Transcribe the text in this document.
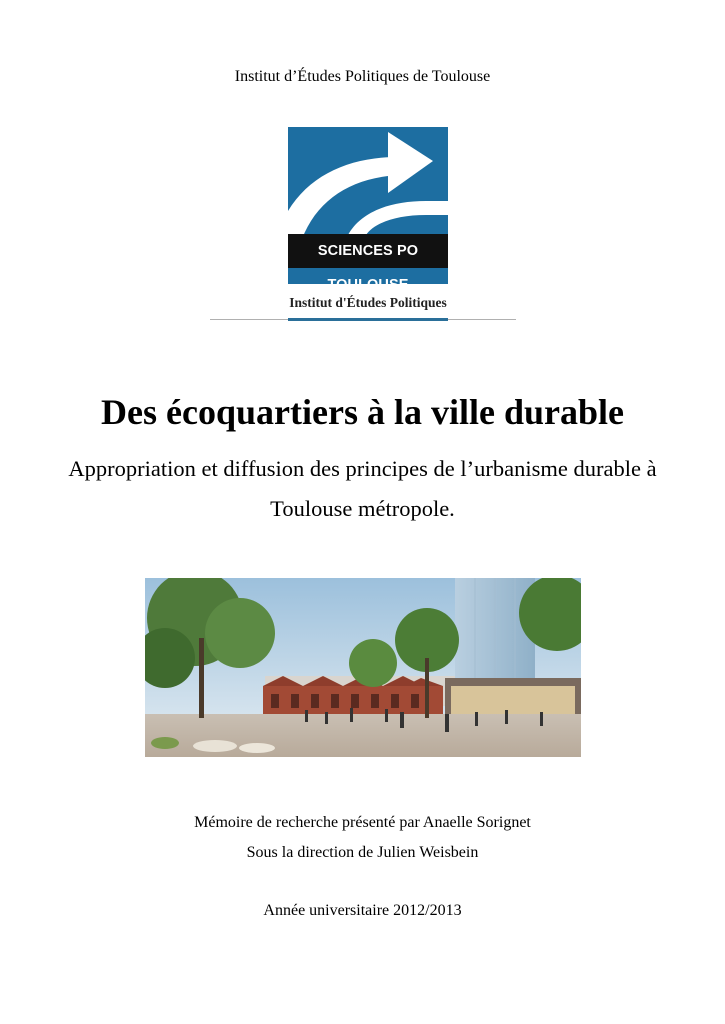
Institut d’Études Politiques de Toulouse
SCIENCES PO TOULOUSE
Institut d'Études Politiques
Des écoquartiers à la ville durable
Appropriation et diffusion des principes de l’urbanisme durable à Toulouse métropole.
Mémoire de recherche présenté par Anaelle Sorignet
Sous la direction de Julien Weisbein
Année universitaire 2012/2013
